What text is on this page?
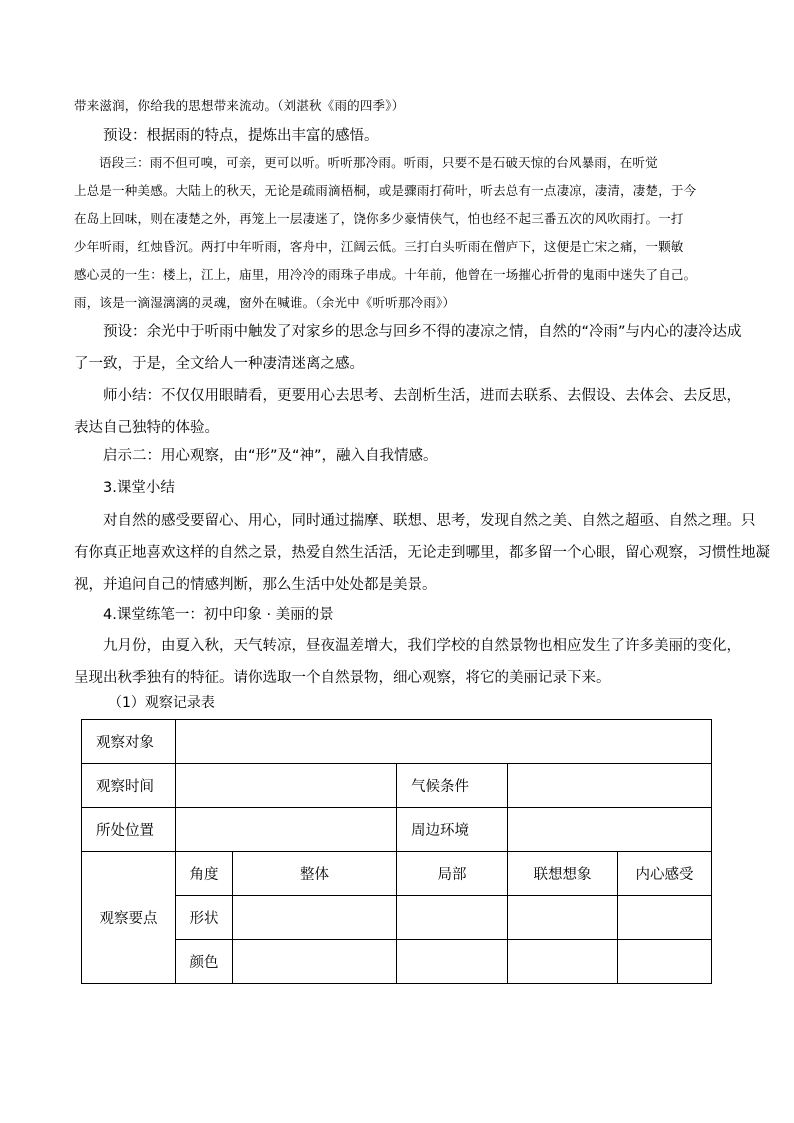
带来滋润，你给我的思想带来流动。（刘湛秋《雨的四季》）
预设：根据雨的特点，提炼出丰富的感悟。
语段三：雨不但可嗅，可亲，更可以听。听听那冷雨。听雨，只要不是石破天惊的台风暴雨，在听觉
上总是一种美感。大陆上的秋天，无论是疏雨滴梧桐，或是骤雨打荷叶，听去总有一点凄凉，凄清，凄楚，于今
在岛上回味，则在凄楚之外，再笼上一层凄迷了，饶你多少豪情侠气，怕也经不起三番五次的风吹雨打。一打
少年听雨，红烛昏沉。两打中年听雨，客舟中，江阔云低。三打白头听雨在僧庐下，这便是亡宋之痛，一颗敏
感心灵的一生：楼上，江上，庙里，用冷冷的雨珠子串成。十年前，他曾在一场摧心折骨的鬼雨中迷失了自己。
雨，该是一滴湿漓漓的灵魂，窗外在喊谁。（余光中《听听那冷雨》）
预设：余光中于听雨中触发了对家乡的思念与回乡不得的凄凉之情，自然的“冷雨”与内心的凄冷达成
了一致，于是，全文给人一种凄清迷离之感。
师小结：不仅仅用眼睛看，更要用心去思考、去剖析生活，进而去联系、去假设、去体会、去反思，
表达自己独特的体验。
启示二：用心观察，由“形”及“神”，融入自我情感。
3.课堂小结
对自然的感受要留心、用心，同时通过揣摩、联想、思考，发现自然之美、自然之超亟、自然之理。只
有你真正地喜欢这样的自然之景，热爱自然生活活，无论走到哪里，都多留一个心眼，留心观察，习惯性地凝
视，并追问自己的情感判断，那么生活中处处都是美景。
4.课堂练笔一：初中印象 · 美丽的景
九月份，由夏入秋，天气转凉，昼夜温差增大，我们学校的自然景物也相应发生了许多美丽的变化，
呈现出秋季独有的特征。请你选取一个自然景物，细心观察，将它的美丽记录下来。
（1）观察记录表
观察对象					
观察时间			气候条件		
所处位置			周边环境		
观察要点	角度	整体	局部	联想想象	内心感受
	形状				
	颜色				
